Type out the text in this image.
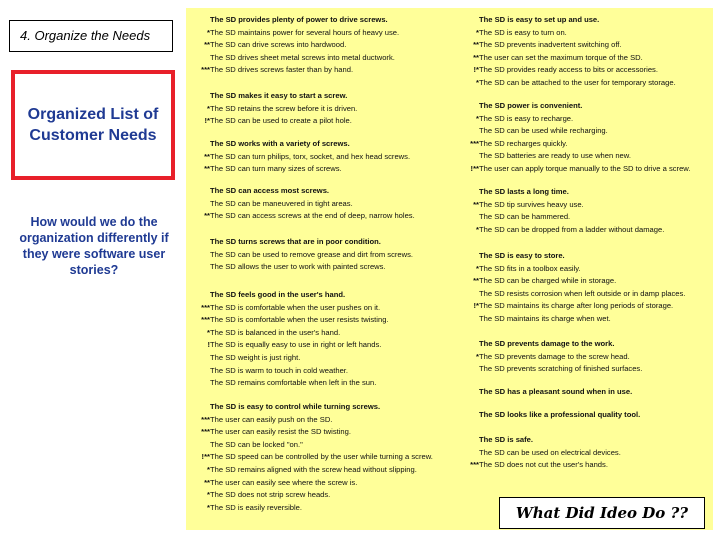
4. Organize the Needs
Organized List of Customer Needs
How would we do the organization differently if they were software user stories?
The SD provides plenty of power to drive screws.
* The SD maintains power for several hours of heavy use.
** The SD can drive screws into hardwood.
The SD drives sheet metal screws into metal ductwork.
*** The SD drives screws faster than by hand.
The SD makes it easy to start a screw.
* The SD retains the screw before it is driven.
!* The SD can be used to create a pilot hole.
The SD works with a variety of screws.
** The SD can turn philips, torx, socket, and hex head screws.
** The SD can turn many sizes of screws.
The SD can access most screws.
The SD can be maneuvered in tight areas.
** The SD can access screws at the end of deep, narrow holes.
The SD turns screws that are in poor condition.
The SD can be used to remove grease and dirt from screws.
The SD allows the user to work with painted screws.
The SD feels good in the user's hand.
*** The SD is comfortable when the user pushes on it.
*** The SD is comfortable when the user resists twisting.
* The SD is balanced in the user's hand.
! The SD is equally easy to use in right or left hands.
The SD weight is just right.
The SD is warm to touch in cold weather.
The SD remains comfortable when left in the sun.
The SD is easy to control while turning screws.
*** The user can easily push on the SD.
*** The user can easily resist the SD twisting.
The SD can be locked "on."
!** The SD speed can be controlled by the user while turning a screw.
* The SD remains aligned with the screw head without slipping.
** The user can easily see where the screw is.
* The SD does not strip screw heads.
* The SD is easily reversible.
The SD is easy to set up and use.
* The SD is easy to turn on.
** The SD prevents inadvertent switching off.
** The user can set the maximum torque of the SD.
!* The SD provides ready access to bits or accessories.
* The SD can be attached to the user for temporary storage.
The SD power is convenient.
* The SD is easy to recharge.
The SD can be used while recharging.
*** The SD recharges quickly.
The SD batteries are ready to use when new.
!** The user can apply torque manually to the SD to drive a screw.
The SD lasts a long time.
** The SD tip survives heavy use.
The SD can be hammered.
* The SD can be dropped from a ladder without damage.
The SD is easy to store.
* The SD fits in a toolbox easily.
** The SD can be charged while in storage.
The SD resists corrosion when left outside or in damp places.
!* The SD maintains its charge after long periods of storage.
The SD maintains its charge when wet.
The SD prevents damage to the work.
* The SD prevents damage to the screw head.
The SD prevents scratching of finished surfaces.
The SD has a pleasant sound when in use.
The SD looks like a professional quality tool.
The SD is safe.
The SD can be used on electrical devices.
*** The SD does not cut the user's hands.
What Did Ideo Do ??
